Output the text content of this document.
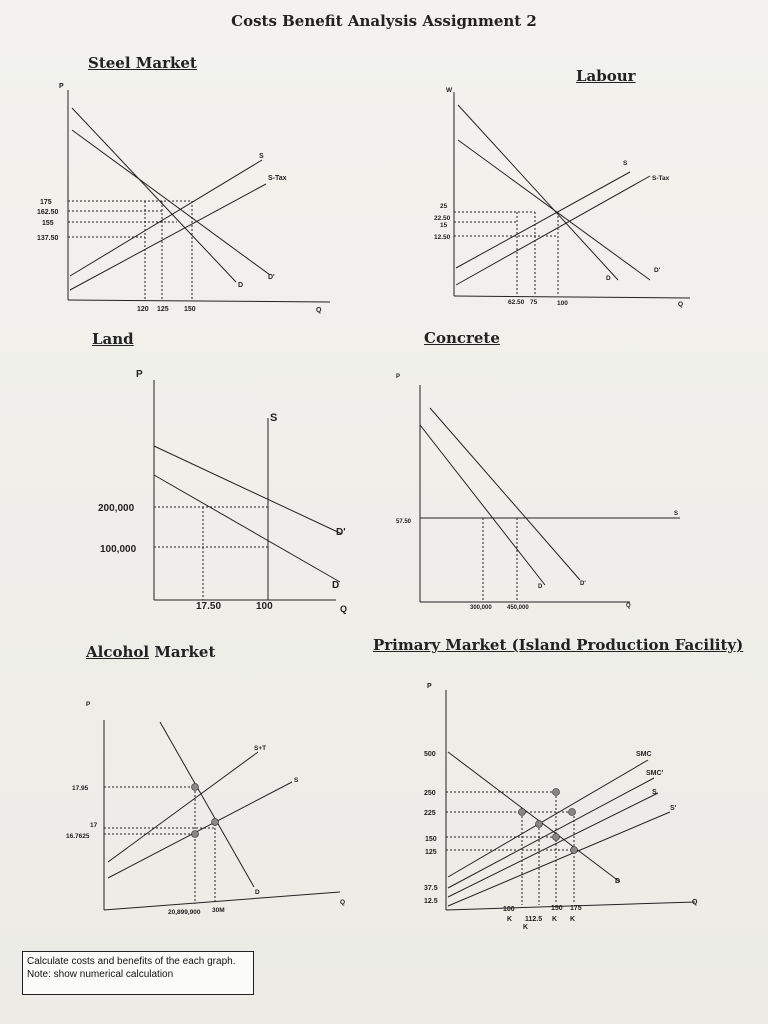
Costs Benefit Analysis Assignment 2
Steel Market
Labour
Land	Concrete
Alcohol Market	Primary Market (Island Production Facility)
P
Q
175
162.50
155
137.50
120 125 150
S
S-Tax
D
D'
W
Q
25
22.50
15
12.50
62.50 75	100
S
S-Tax
D
D'
P
Q
200,000
100,000
17.50	100
S
D
D'
P
Q
57.50
300,000	450,000
S
D	D'
P
Q
17.95
17
16.7625
20,899,900 30M
S+T
S
D
P
Q
500
250
225
150
125
37.5
12.5
100	150 175
112.5
K	K K
K
SMC
SMC'
S
S'
D
Calculate costs and benefits of the each graph.
Note: show numerical calculation
